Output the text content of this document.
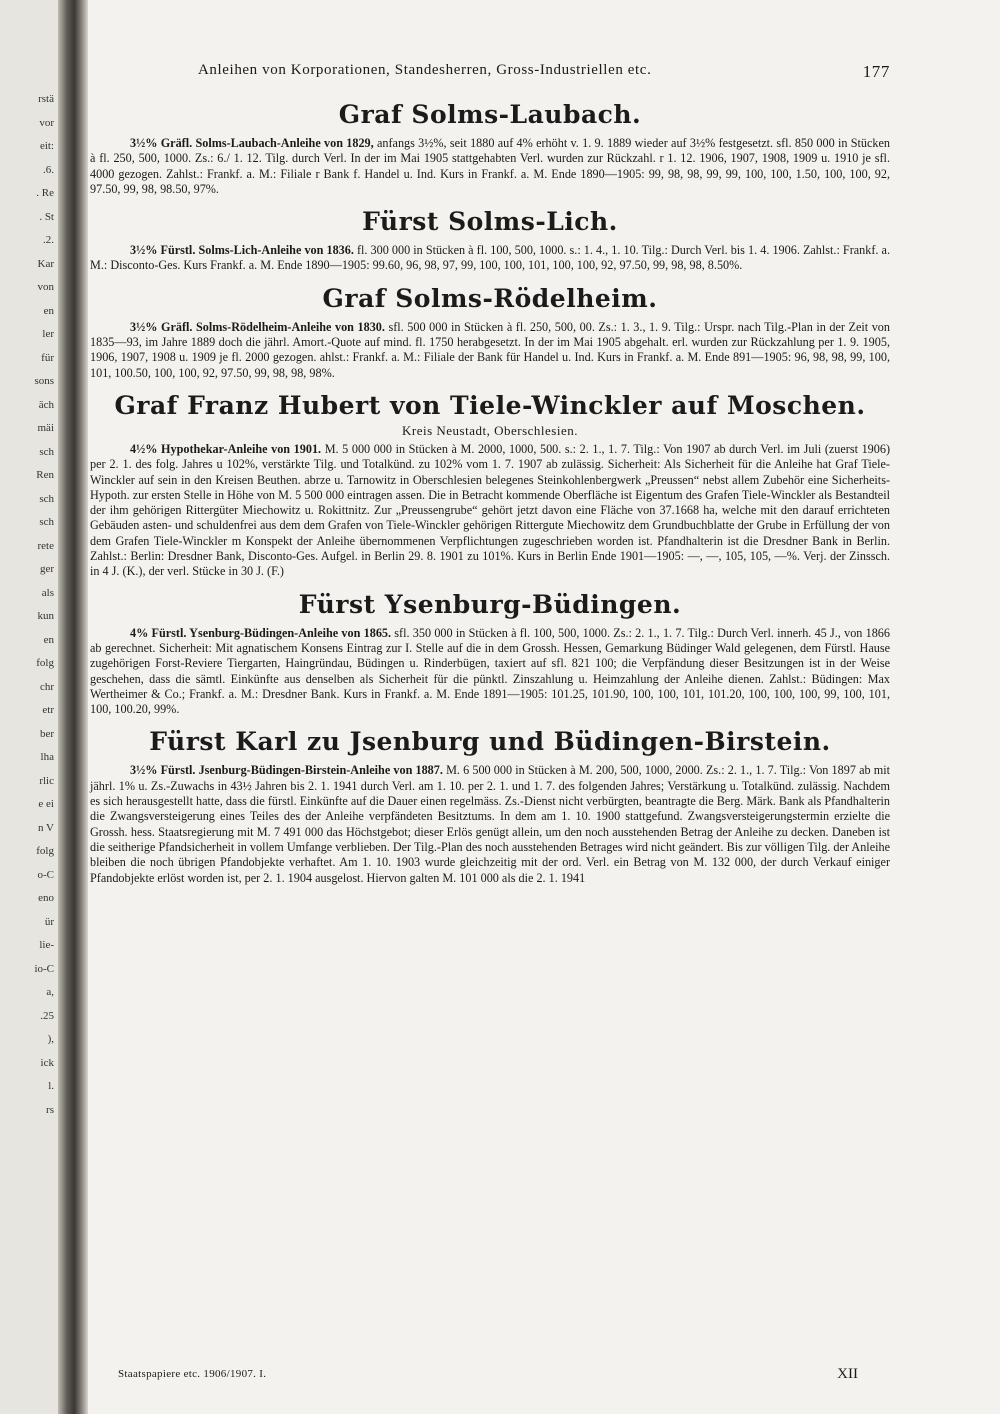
rstä
vor
eit:
.6.
. Re
. St
.2.
Kar
von
en
ler
für
sons
äch
mäi
sch
Ren
sch
sch
rete
ger
als
kun
en
folg
chr
etr
ber
lha
rlic
e ei
n V
folg
o-C
eno
ür
lie-
io-C
a,
.25
),
ick
l.
rs
Anleihen von Korporationen, Standesherren, Gross-Industriellen etc.	177
Graf Solms-Laubach.

3½% Gräfl. Solms-Laubach-Anleihe von 1829, anfangs 3½%, seit 1880 auf 4% erhöht v. 1. 9. 1889 wieder auf 3½% festgesetzt. sfl. 850 000 in Stücken à fl. 250, 500, 1000. Zs.: 6./ 1. 12. Tilg. durch Verl. In der im Mai 1905 stattgehabten Verl. wurden zur Rückzahl. r 1. 12. 1906, 1907, 1908, 1909 u. 1910 je sfl. 4000 gezogen. Zahlst.: Frankf. a. M.: Filiale r Bank f. Handel u. Ind. Kurs in Frankf. a. M. Ende 1890—1905: 99, 98, 98, 99, 99, 100, 100, 1.50, 100, 100, 92, 97.50, 99, 98, 98.50, 97%.

Fürst Solms-Lich.

3½% Fürstl. Solms-Lich-Anleihe von 1836. fl. 300 000 in Stücken à fl. 100, 500, 1000. s.: 1. 4., 1. 10. Tilg.: Durch Verl. bis 1. 4. 1906. Zahlst.: Frankf. a. M.: Disconto-Ges. Kurs Frankf. a. M. Ende 1890—1905: 99.60, 96, 98, 97, 99, 100, 100, 101, 100, 100, 92, 97.50, 99, 98, 98, 8.50%.

Graf Solms-Rödelheim.

3½% Gräfl. Solms-Rödelheim-Anleihe von 1830. sfl. 500 000 in Stücken à fl. 250, 500, 00. Zs.: 1. 3., 1. 9. Tilg.: Urspr. nach Tilg.-Plan in der Zeit von 1835—93, im Jahre 1889 doch die jährl. Amort.-Quote auf mind. fl. 1750 herabgesetzt. In der im Mai 1905 abgehalt. erl. wurden zur Rückzahlung per 1. 9. 1905, 1906, 1907, 1908 u. 1909 je fl. 2000 gezogen. ahlst.: Frankf. a. M.: Filiale der Bank für Handel u. Ind. Kurs in Frankf. a. M. Ende 891—1905: 96, 98, 98, 99, 100, 101, 100.50, 100, 100, 92, 97.50, 99, 98, 98, 98%.

Graf Franz Hubert von Tiele-Winckler auf Moschen.
Kreis Neustadt, Oberschlesien.

4½% Hypothekar-Anleihe von 1901. M. 5 000 000 in Stücken à M. 2000, 1000, 500. s.: 2. 1., 1. 7. Tilg.: Von 1907 ab durch Verl. im Juli (zuerst 1906) per 2. 1. des folg. Jahres u 102%, verstärkte Tilg. und Totalkünd. zu 102% vom 1. 7. 1907 ab zulässig. Sicherheit: Als Sicherheit für die Anleihe hat Graf Tiele-Winckler auf sein in den Kreisen Beuthen. abrze u. Tarnowitz in Oberschlesien belegenes Steinkohlenbergwerk „Preussen“ nebst allem Zubehör eine Sicherheits-Hypoth. zur ersten Stelle in Höhe von M. 5 500 000 eintragen assen. Die in Betracht kommende Oberfläche ist Eigentum des Grafen Tiele-Winckler als Bestandteil der ihm gehörigen Rittergüter Miechowitz u. Rokittnitz. Zur „Preussengrube“ gehört jetzt davon eine Fläche von 37.1668 ha, welche mit den darauf errichteten Gebäuden asten- und schuldenfrei aus dem dem Grafen von Tiele-Winckler gehörigen Rittergute Miechowitz dem Grundbuchblatte der Grube in Erfüllung der von dem Grafen Tiele-Winckler m Konspekt der Anleihe übernommenen Verpflichtungen zugeschrieben worden ist. Pfandhalterin ist die Dresdner Bank in Berlin. Zahlst.: Berlin: Dresdner Bank, Disconto-Ges. Aufgel. in Berlin 29. 8. 1901 zu 101%. Kurs in Berlin Ende 1901—1905: —, —, 105, 105, —%. Verj. der Zinssch. in 4 J. (K.), der verl. Stücke in 30 J. (F.)

Fürst Ysenburg-Büdingen.

4% Fürstl. Ysenburg-Büdingen-Anleihe von 1865. sfl. 350 000 in Stücken à fl. 100, 500, 1000. Zs.: 2. 1., 1. 7. Tilg.: Durch Verl. innerh. 45 J., von 1866 ab gerechnet. Sicherheit: Mit agnatischem Konsens Eintrag zur I. Stelle auf die in dem Grossh. Hessen, Gemarkung Büdinger Wald gelegenen, dem Fürstl. Hause zugehörigen Forst-Reviere Tiergarten, Haingründau, Büdingen u. Rinderbügen, taxiert auf sfl. 821 100; die Verpfändung dieser Besitzungen ist in der Weise geschehen, dass die sämtl. Einkünfte aus denselben als Sicherheit für die pünktl. Zinszahlung u. Heimzahlung der Anleihe dienen. Zahlst.: Büdingen: Max Wertheimer & Co.; Frankf. a. M.: Dresdner Bank. Kurs in Frankf. a. M. Ende 1891—1905: 101.25, 101.90, 100, 100, 101, 101.20, 100, 100, 100, 99, 100, 101, 100, 100.20, 99%.

Fürst Karl zu Jsenburg und Büdingen-Birstein.

3½% Fürstl. Jsenburg-Büdingen-Birstein-Anleihe von 1887. M. 6 500 000 in Stücken à M. 200, 500, 1000, 2000. Zs.: 2. 1., 1. 7. Tilg.: Von 1897 ab mit jährl. 1% u. Zs.-Zuwachs in 43½ Jahren bis 2. 1. 1941 durch Verl. am 1. 10. per 2. 1. und 1. 7. des folgenden Jahres; Verstärkung u. Totalkünd. zulässig. Nachdem es sich herausgestellt hatte, dass die fürstl. Einkünfte auf die Dauer einen regelmäss. Zs.-Dienst nicht verbürgten, beantragte die Berg. Märk. Bank als Pfandhalterin die Zwangsversteigerung eines Teiles des der Anleihe verpfändeten Besitztums. In dem am 1. 10. 1900 stattgefund. Zwangsversteigerungstermin erzielte die Grossh. hess. Staatsregierung mit M. 7 491 000 das Höchstgebot; dieser Erlös genügt allein, um den noch ausstehenden Betrag der Anleihe zu decken. Daneben ist die seitherige Pfandsicherheit in vollem Umfange verblieben. Der Tilg.-Plan des noch ausstehenden Betrages wird nicht geändert. Bis zur völligen Tilg. der Anleihe bleiben die noch übrigen Pfandobjekte verhaftet. Am 1. 10. 1903 wurde gleichzeitig mit der ord. Verl. ein Betrag von M. 132 000, der durch Verkauf einiger Pfandobjekte erlöst worden ist, per 2. 1. 1904 ausgelost. Hiervon galten M. 101 000 als die 2. 1. 1941

Staatspapiere etc. 1906/1907. I.	XII
